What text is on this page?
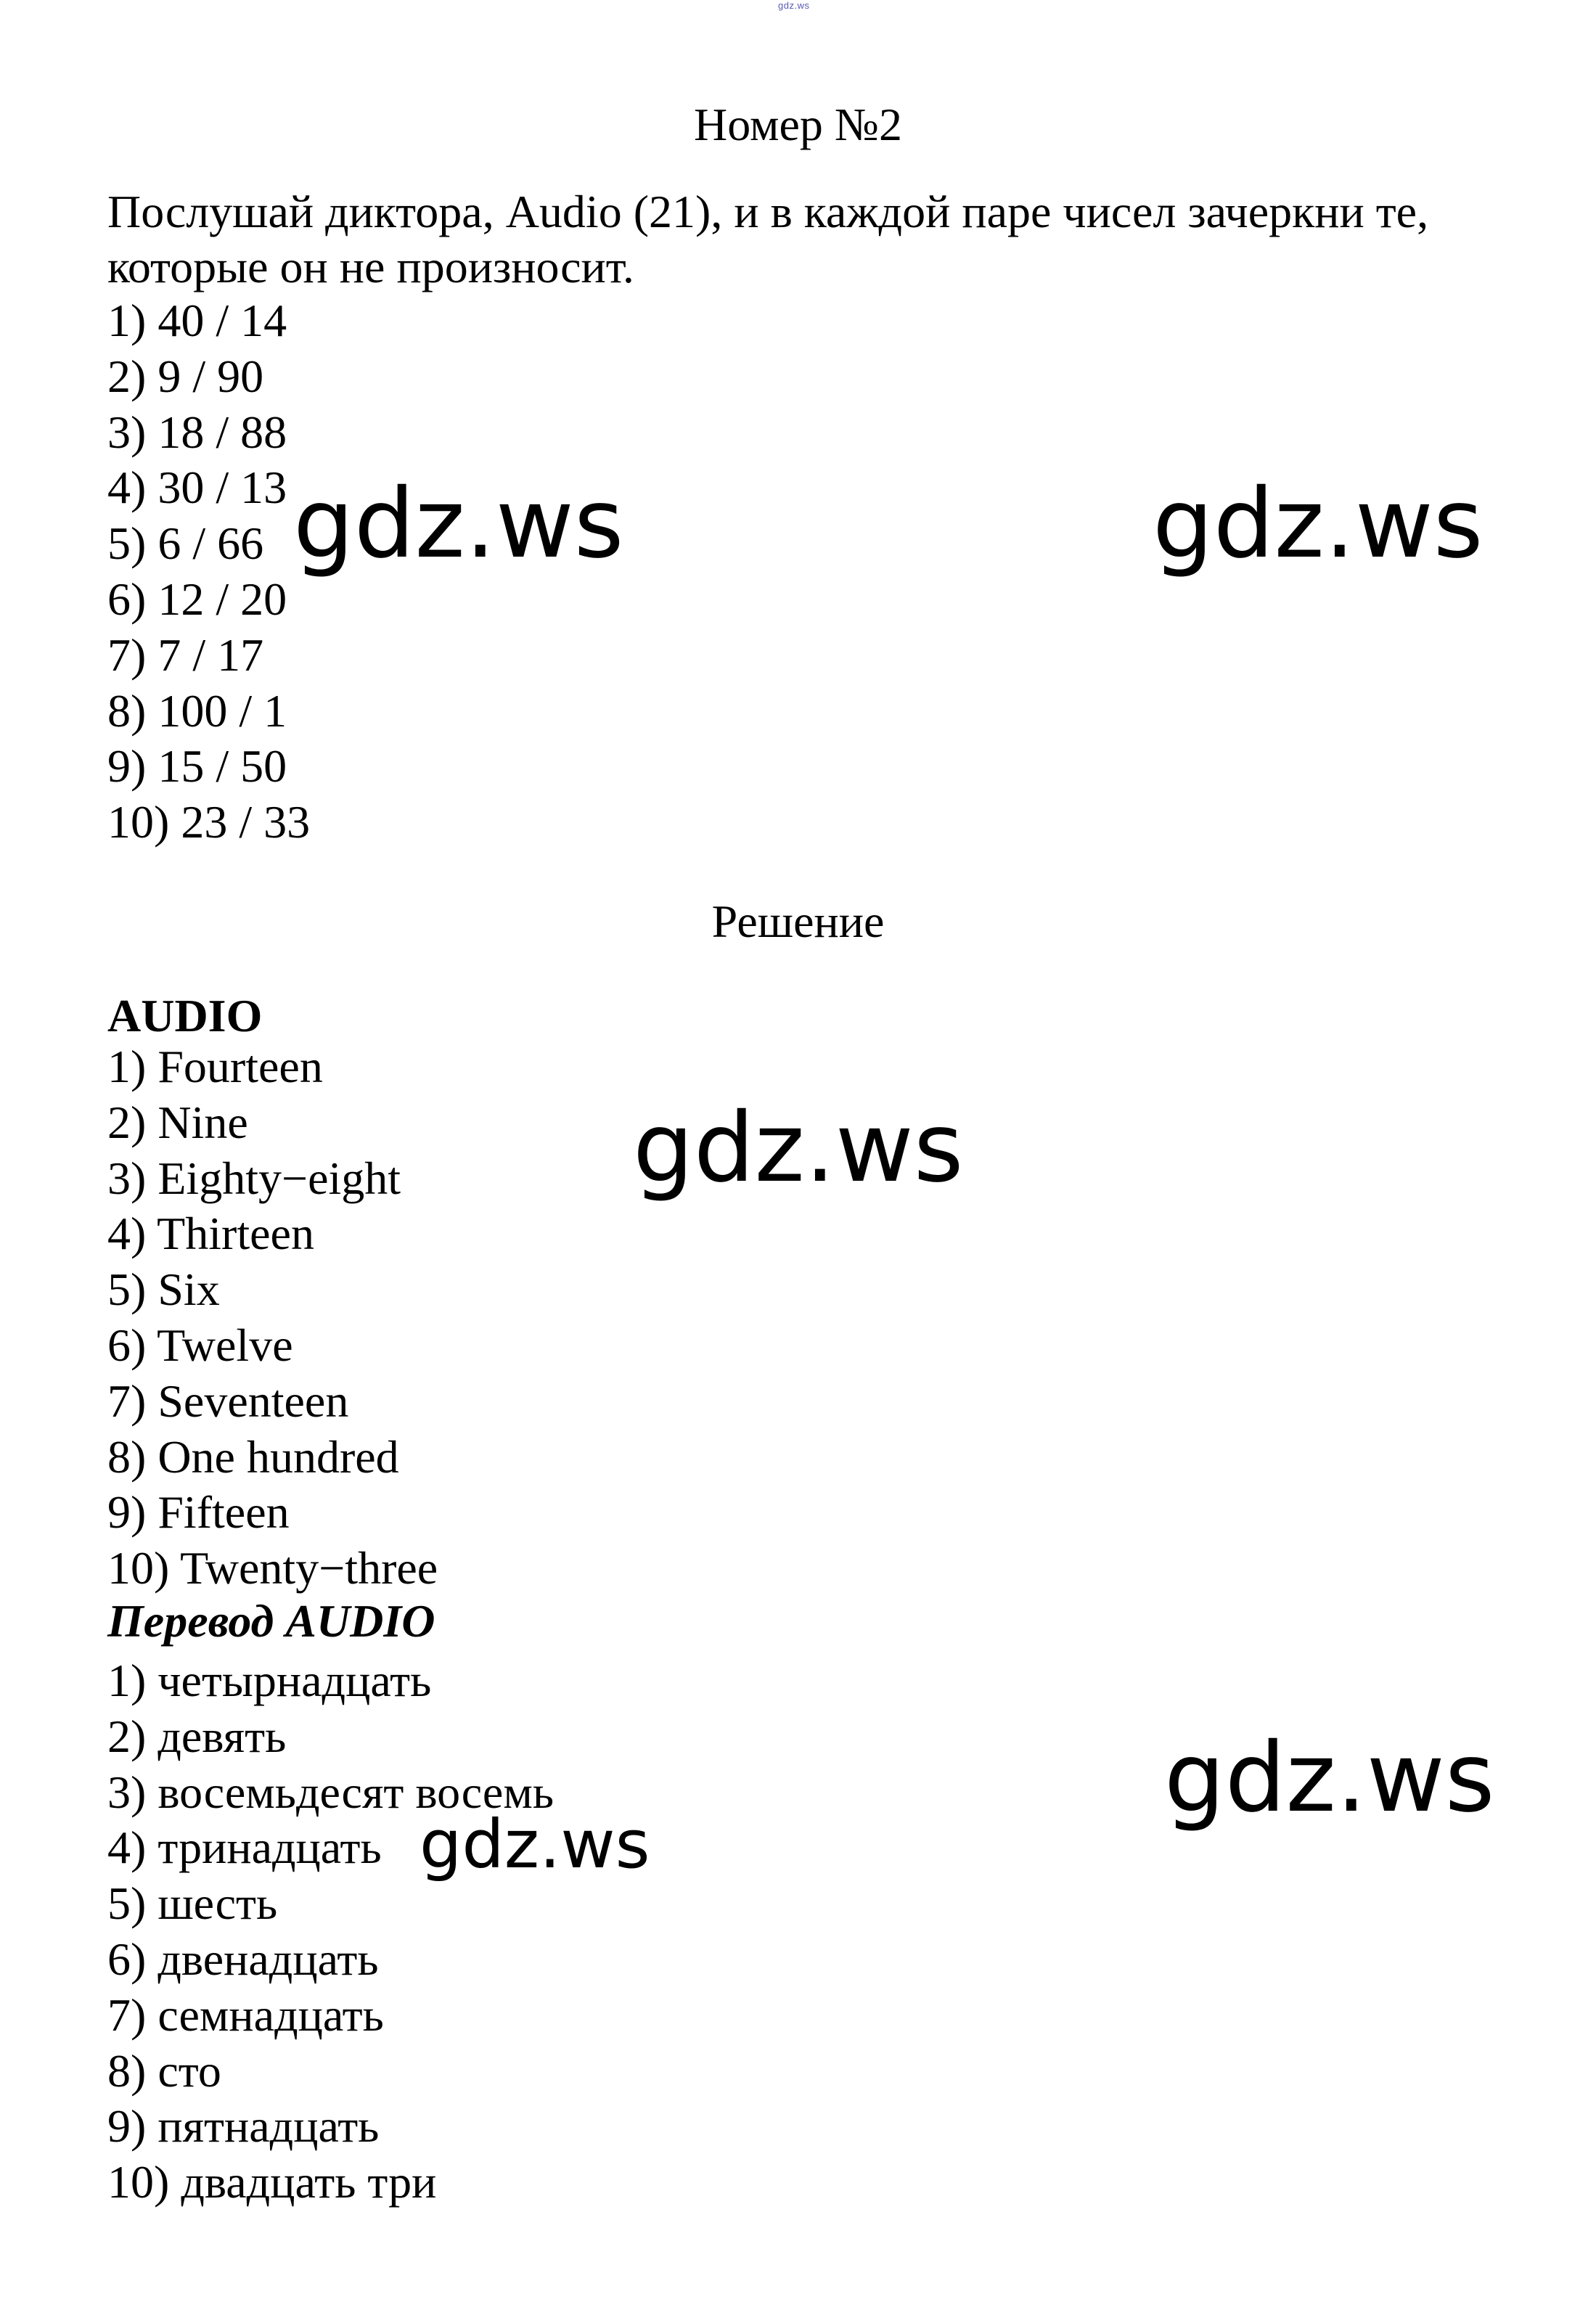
gdz.ws
Номер №2
Послушай диктора, Audio (21), и в каждой паре чисел зачеркни те, которые он не произносит.
1) 40 / 14
2) 9 / 90
3) 18 / 88
4) 30 / 13
5) 6 / 66
6) 12 / 20
7) 7 / 17
8) 100 / 1
9) 15 / 50
10) 23 / 33
Решение
AUDIO
1) Fourteen
2) Nine
3) Eighty−eight
4) Thirteen
5) Six
6) Twelve
7) Seventeen
8) One hundred
9) Fifteen
10) Twenty−three
Перевод AUDIO
1) четырнадцать
2) девять
3) восемьдесят восемь
4) тринадцать
5) шесть
6) двенадцать
7) семнадцать
8) сто
9) пятнадцать
10) двадцать три
gdz.ws	gdz.ws
gdz.ws
gdz.ws
gdz.ws
